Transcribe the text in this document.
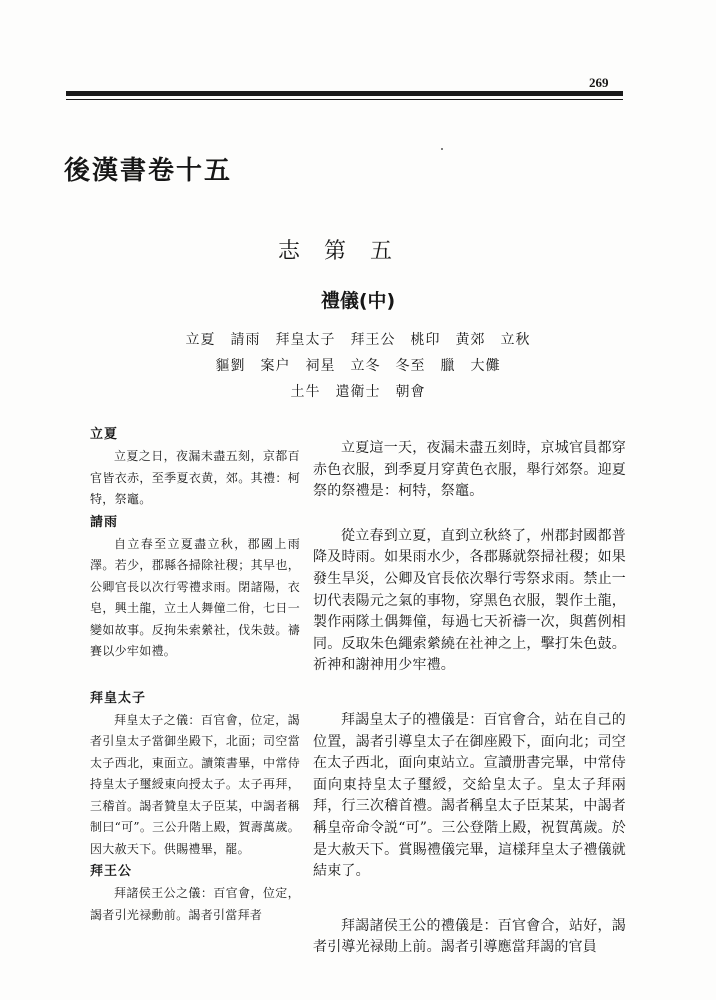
269
後漢書卷十五
志第五
禮儀(中)
立夏　請雨　拜皇太子　拜王公　桃印　黄郊　立秋
貙劉　案户　祠星　立冬　冬至　臘　大儺
土牛　遣衛士　朝會
立夏

立夏之日，夜漏未盡五刻，京都百官皆衣赤，至季夏衣黄，郊。其禮：柯特，祭竈。

請雨

自立春至立夏盡立秋，郡國上雨澤。若少，郡縣各掃除社稷；其早也，公卿官長以次行雩禮求雨。閉諸陽，衣皂，興土龍，立土人舞僮二佾，七日一變如故事。反拘朱索縈社，伐朱鼓。禱賽以少牢如禮。

拜皇太子

拜皇太子之儀：百官會，位定，謁者引皇太子當御坐殿下，北面；司空當太子西北，東面立。讀策書畢，中常侍持皇太子璽綬東向授太子。太子再拜，三稽首。謁者贊皇太子臣某，中謁者稱制曰“可”。三公升階上殿，賀壽萬歲。因大赦天下。供賜禮畢，罷。

拜王公

拜諸侯王公之儀：百官會，位定，謁者引光禄勳前。謁者引當拜者

立夏這一天，夜漏未盡五刻時，京城官員都穿赤色衣服，到季夏月穿黄色衣服，舉行郊祭。迎夏祭的祭禮是：柯特，祭竈。

從立春到立夏，直到立秋終了，州郡封國都普降及時雨。如果雨水少，各郡縣就祭掃社稷；如果發生旱災，公卿及官長依次舉行雩祭求雨。禁止一切代表陽元之氣的事物，穿黑色衣服，製作土龍，製作兩隊土偶舞僮，每過七天祈禱一次，與舊例相同。反取朱色繩索縈繞在社神之上，擊打朱色鼓。祈神和謝神用少牢禮。

拜謁皇太子的禮儀是：百官會合，站在自己的位置，謁者引導皇太子在御座殿下，面向北；司空在太子西北，面向東站立。宣讀册書完畢，中常侍面向東持皇太子璽綬，交給皇太子。皇太子拜兩拜，行三次稽首禮。謁者稱皇太子臣某某，中謁者稱皇帝命令説“可”。三公登階上殿，祝賀萬歲。於是大赦天下。賞賜禮儀完畢，這樣拜皇太子禮儀就結束了。

拜謁諸侯王公的禮儀是：百官會合，站好，謁者引導光禄勛上前。謁者引導應當拜謁的官員
